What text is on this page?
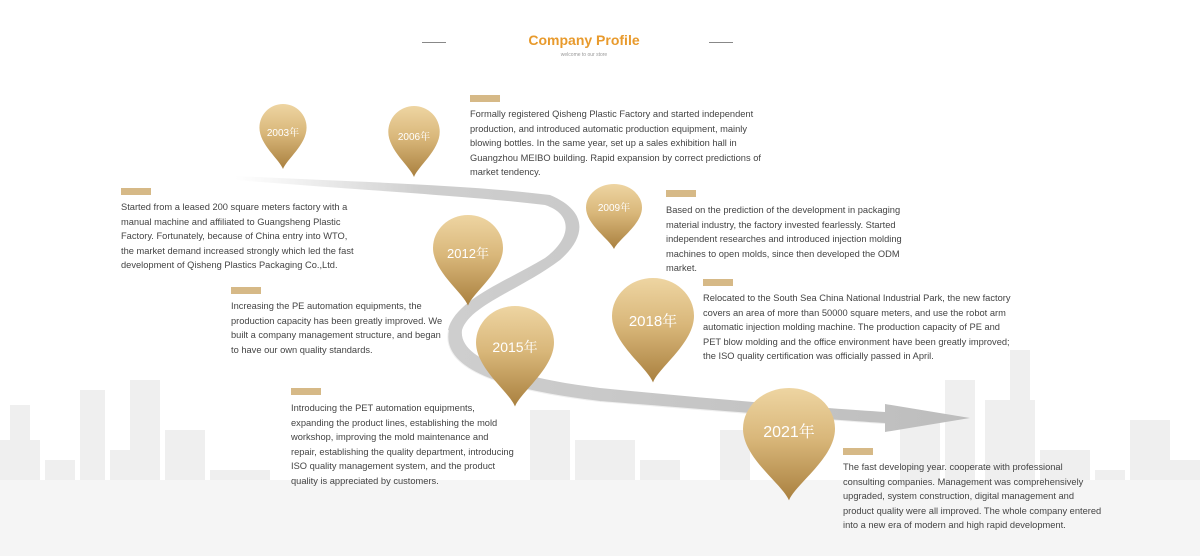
Company Profile
welcome to our store
2003年	2006年
2009年
2012年
2015年
2018年
2021年
Started from a leased 200 square meters factory with a manual machine and affiliated to Guangsheng Plastic Factory. Fortunately, because of China entry into WTO, the market demand increased strongly which led the fast development of Qisheng Plastics Packaging Co.,Ltd.
Formally registered Qisheng Plastic Factory and started independent production, and introduced automatic production equipment, mainly blowing bottles. In the same year, set up a sales exhibition hall in Guangzhou MEIBO building. Rapid expansion by correct predictions of market tendency.
Based on the prediction of the development in packaging material industry, the factory invested fearlessly. Started independent researches and introduced injection molding machines to open molds, since then developed the ODM market.
Increasing the PE automation equipments, the production capacity has been greatly improved. We built a company management structure, and began to have our own quality standards.
Introducing the PET automation equipments, expanding the product lines, establishing the mold workshop, improving the mold maintenance and repair, establishing the quality department, introducing ISO quality management system, and the product quality is appreciated by customers.
Relocated to the South Sea China National Industrial Park, the new factory covers an area of more than 50000 square meters, and use the robot arm automatic injection molding machine. The production capacity of PE and PET blow molding and the office environment have been greatly improved; the ISO quality certification was officially passed in April.
The fast developing year. cooperate with professional consulting companies. Management was comprehensively upgraded, system construction, digital management and product quality were all improved. The whole company entered into a new era of modern and high rapid development.
